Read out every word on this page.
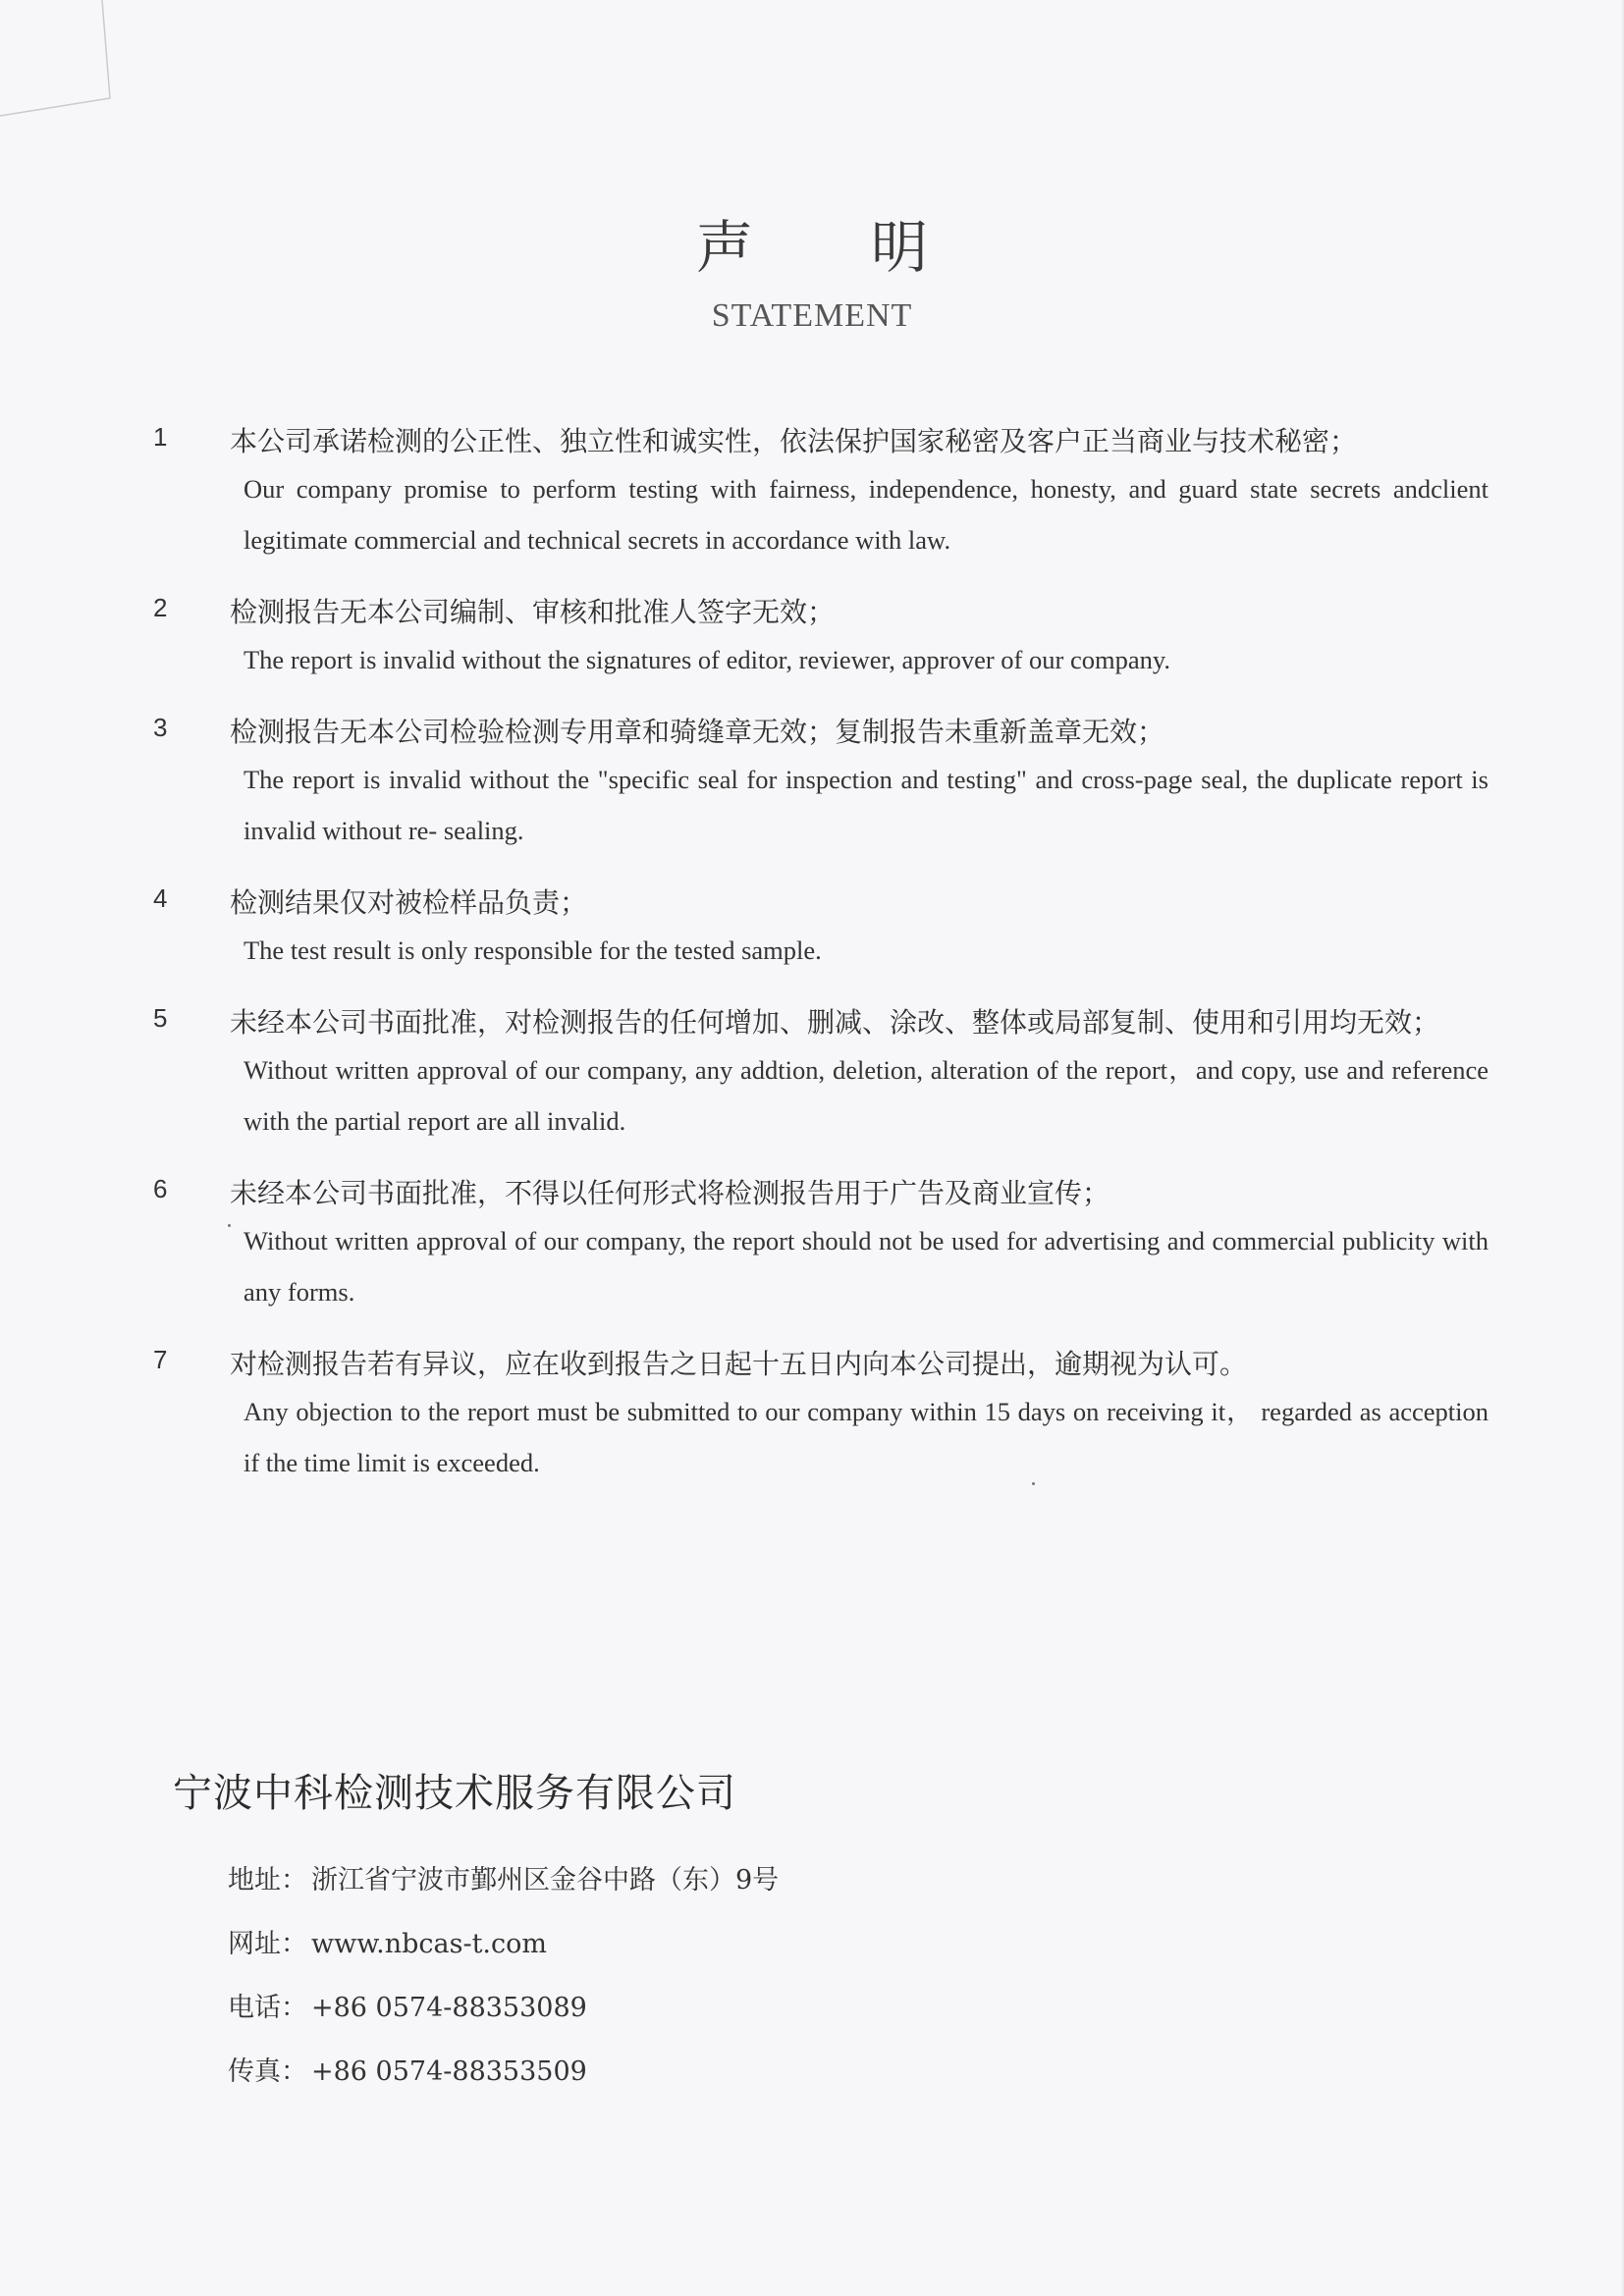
声明
STATEMENT
1	本公司承诺检测的公正性、独立性和诚实性，依法保护国家秘密及客户正当商业与技术秘密；
Our company promise to perform testing with fairness, independence, honesty, and guard state secrets andclient legitimate commercial and technical secrets in accordance with law.
2	检测报告无本公司编制、审核和批准人签字无效；
The report is invalid without the signatures of editor, reviewer, approver of our company.
3	检测报告无本公司检验检测专用章和骑缝章无效；复制报告未重新盖章无效；
The report is invalid without the "specific seal for inspection and testing" and cross-page seal, the duplicate report is invalid without re- sealing.
4	检测结果仅对被检样品负责；
The test result is only responsible for the tested sample.
5	未经本公司书面批准，对检测报告的任何增加、删减、涂改、整体或局部复制、使用和引用均无效；
Without written approval of our company, any addtion, deletion, alteration of the report，and copy, use and reference with the partial report are all invalid.
6	未经本公司书面批准，不得以任何形式将检测报告用于广告及商业宣传；
Without written approval of our company, the report should not be used for advertising and commercial publicity with any forms.
7	对检测报告若有异议，应在收到报告之日起十五日内向本公司提出，逾期视为认可。
Any objection to the report must be submitted to our company within 15 days on receiving it， regarded as acception if the time limit is exceeded.
宁波中科检测技术服务有限公司
地址： 浙江省宁波市鄞州区金谷中路（东）9号
网址： www.nbcas-t.com
电话： +86 0574-88353089
传真： +86 0574-88353509
